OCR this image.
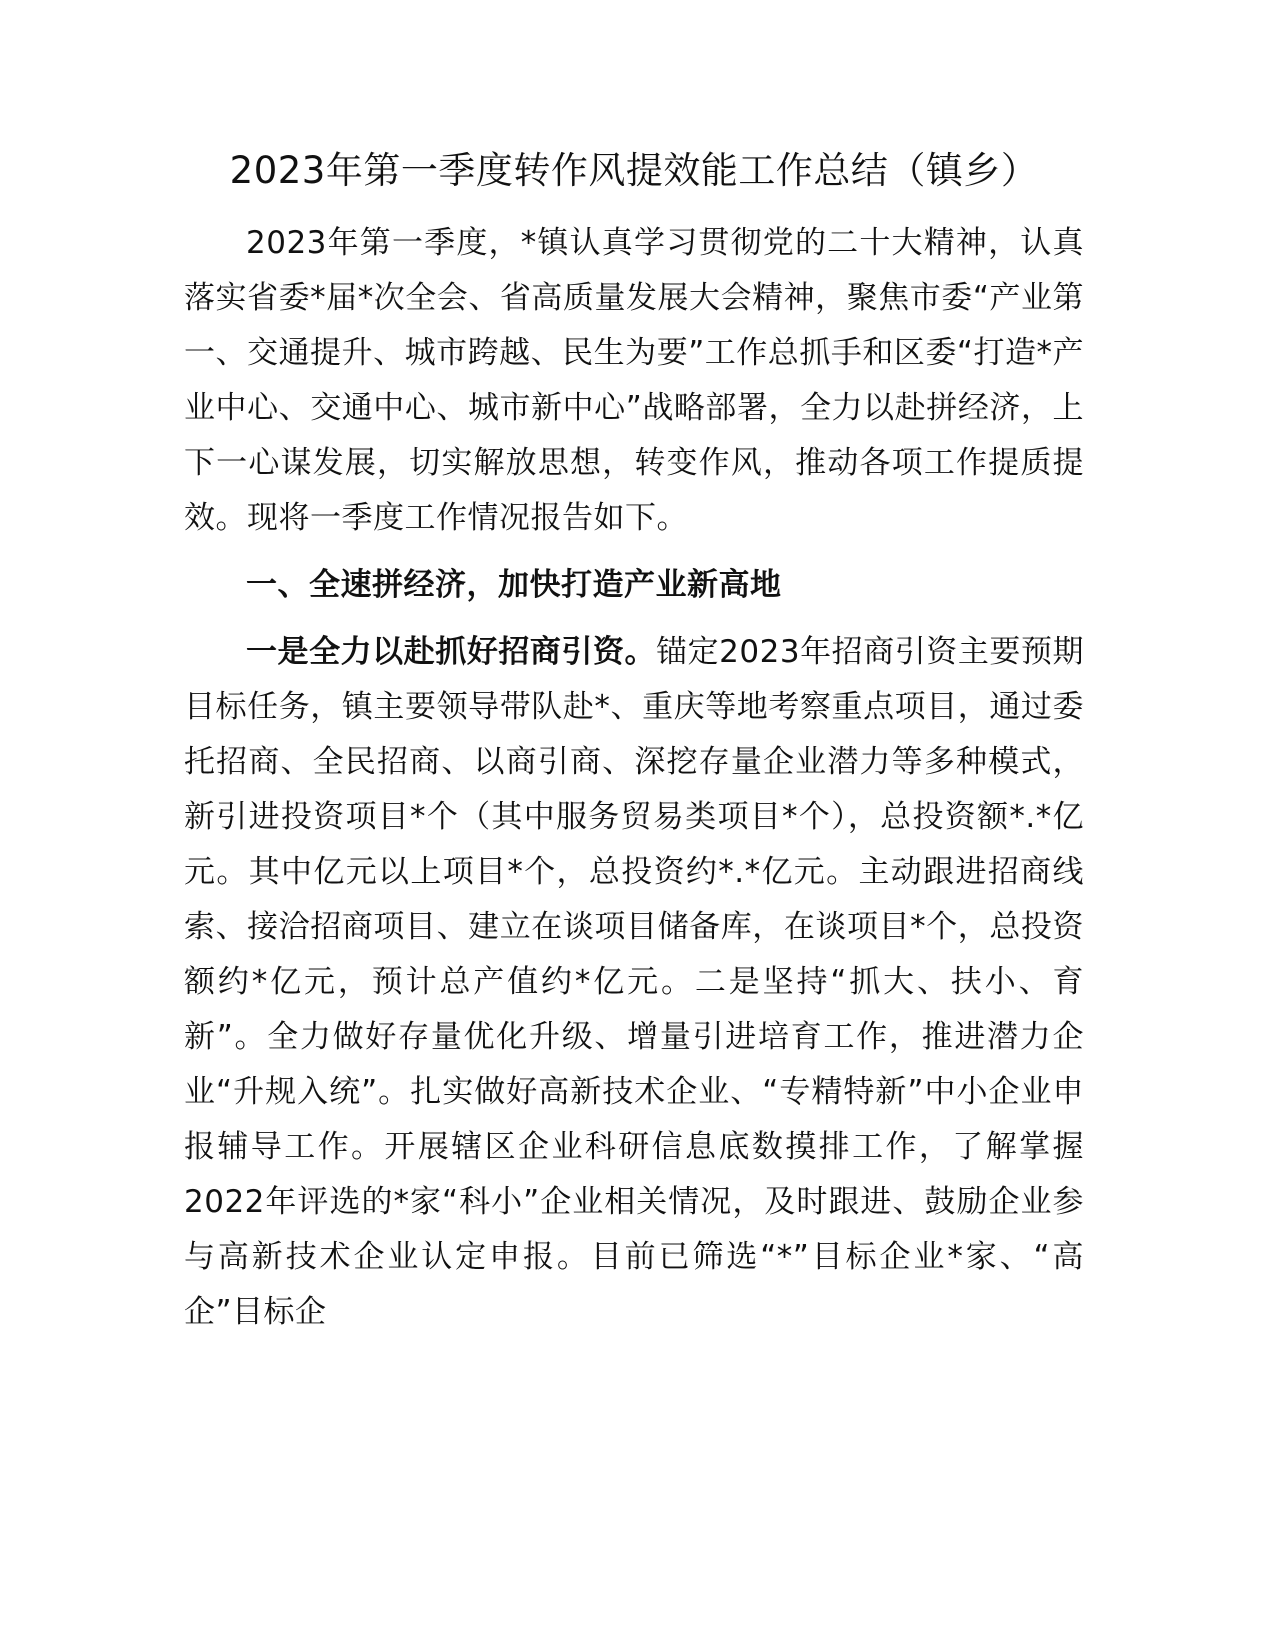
2023年第一季度转作风提效能工作总结（镇乡）

2023年第一季度，*镇认真学习贯彻党的二十大精神，认真落实省委*届*次全会、省高质量发展大会精神，聚焦市委“产业第一、交通提升、城市跨越、民生为要”工作总抓手和区委“打造*产业中心、交通中心、城市新中心”战略部署，全力以赴拼经济，上下一心谋发展，切实解放思想，转变作风，推动各项工作提质提效。现将一季度工作情况报告如下。

一、全速拼经济，加快打造产业新高地

一是全力以赴抓好招商引资。锚定2023年招商引资主要预期目标任务，镇主要领导带队赴*、重庆等地考察重点项目，通过委托招商、全民招商、以商引商、深挖存量企业潜力等多种模式，新引进投资项目*个（其中服务贸易类项目*个），总投资额*.*亿元。其中亿元以上项目*个，总投资约*.*亿元。主动跟进招商线索、接洽招商项目、建立在谈项目储备库，在谈项目*个，总投资额约*亿元，预计总产值约*亿元。二是坚持“抓大、扶小、育新”。全力做好存量优化升级、增量引进培育工作，推进潜力企业“升规入统”。扎实做好高新技术企业、“专精特新”中小企业申报辅导工作。开展辖区企业科研信息底数摸排工作，了解掌握2022年评选的*家“科小”企业相关情况，及时跟进、鼓励企业参与高新技术企业认定申报。目前已筛选“*”目标企业*家、“高企”目标企
